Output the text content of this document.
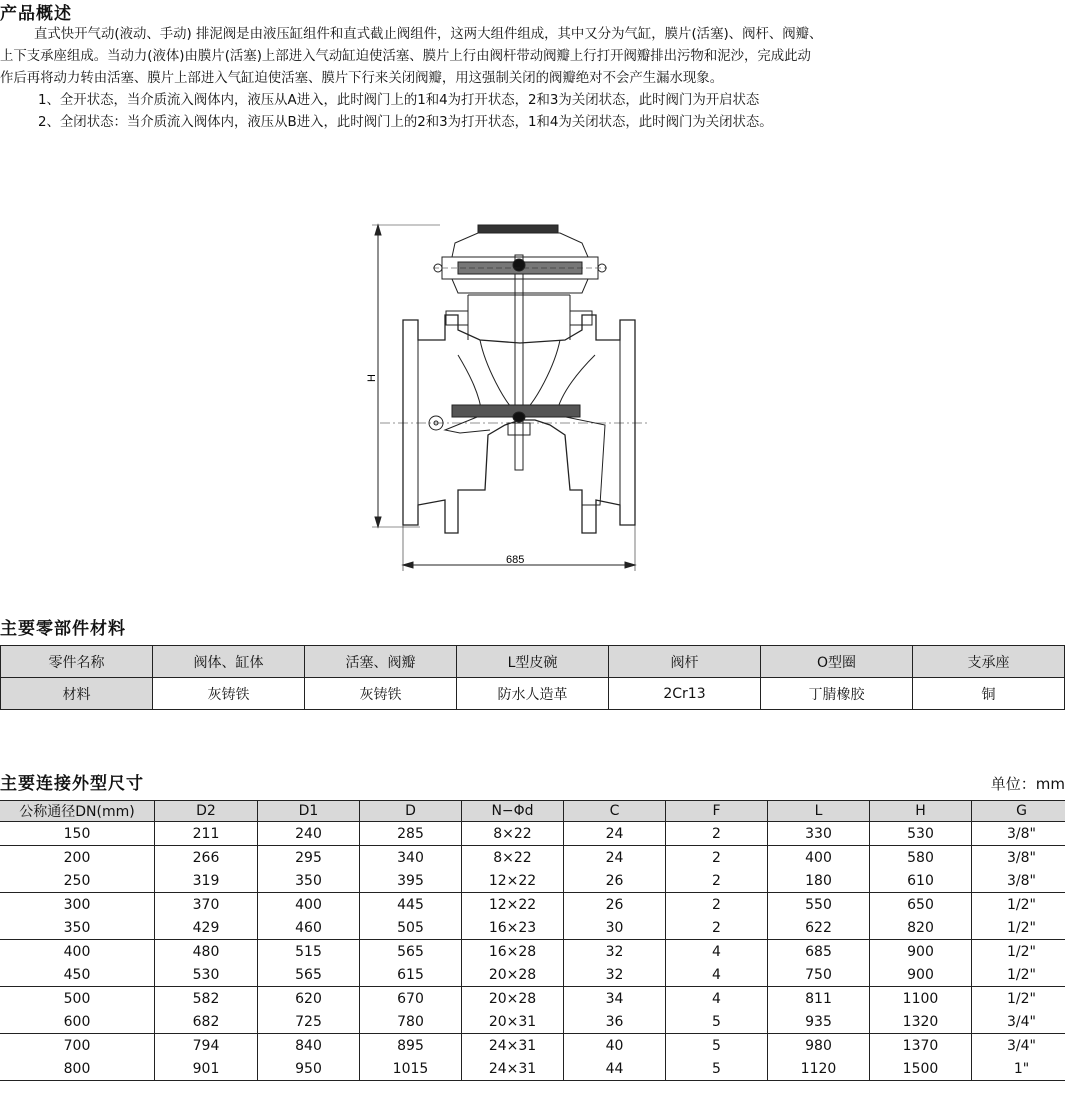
产品概述

直式快开气动(液动、手动) 排泥阀是由液压缸组件和直式截止阀组件，这两大组件组成，其中又分为气缸，膜片(活塞)、阀杆、阀瓣、

上下支承座组成。当动力(液体)由膜片(活塞)上部进入气动缸迫使活塞、膜片上行由阀杆带动阀瓣上行打开阀瓣排出污物和泥沙，完成此动

作后再将动力转由活塞、膜片上部进入气缸迫使活塞、膜片下行来关闭阀瓣，用这强制关闭的阀瓣绝对不会产生漏水现象。

1、全开状态，当介质流入阀体内，液压从A进入，此时阀门上的1和4为打开状态，2和3为关闭状态，此时阀门为开启状态

2、全闭状态：当介质流入阀体内，液压从B进入，此时阀门上的2和3为打开状态，1和4为关闭状态，此时阀门为关闭状态。

H
685
主要零部件材料
零件名称	阀体、缸体	活塞、阀瓣	L型皮碗	阀杆	O型圈	支承座
材料	灰铸铁	灰铸铁	防水人造革	2Cr13	丁腈橡胶	铜
主要连接外型尺寸	单位：mm
公称通径DN(mm)	D2	D1	D	N−Φd	C	F	L	H	G
150	211	240	285	8×22	24	2	330	530	3/8"
200	266	295	340	8×22	24	2	400	580	3/8"
250	319	350	395	12×22	26	2	180	610	3/8"
300	370	400	445	12×22	26	2	550	650	1/2"
350	429	460	505	16×23	30	2	622	820	1/2"
400	480	515	565	16×28	32	4	685	900	1/2"
450	530	565	615	20×28	32	4	750	900	1/2"
500	582	620	670	20×28	34	4	811	1100	1/2"
600	682	725	780	20×31	36	5	935	1320	3/4"
700	794	840	895	24×31	40	5	980	1370	3/4"
800	901	950	1015	24×31	44	5	1120	1500	1"
